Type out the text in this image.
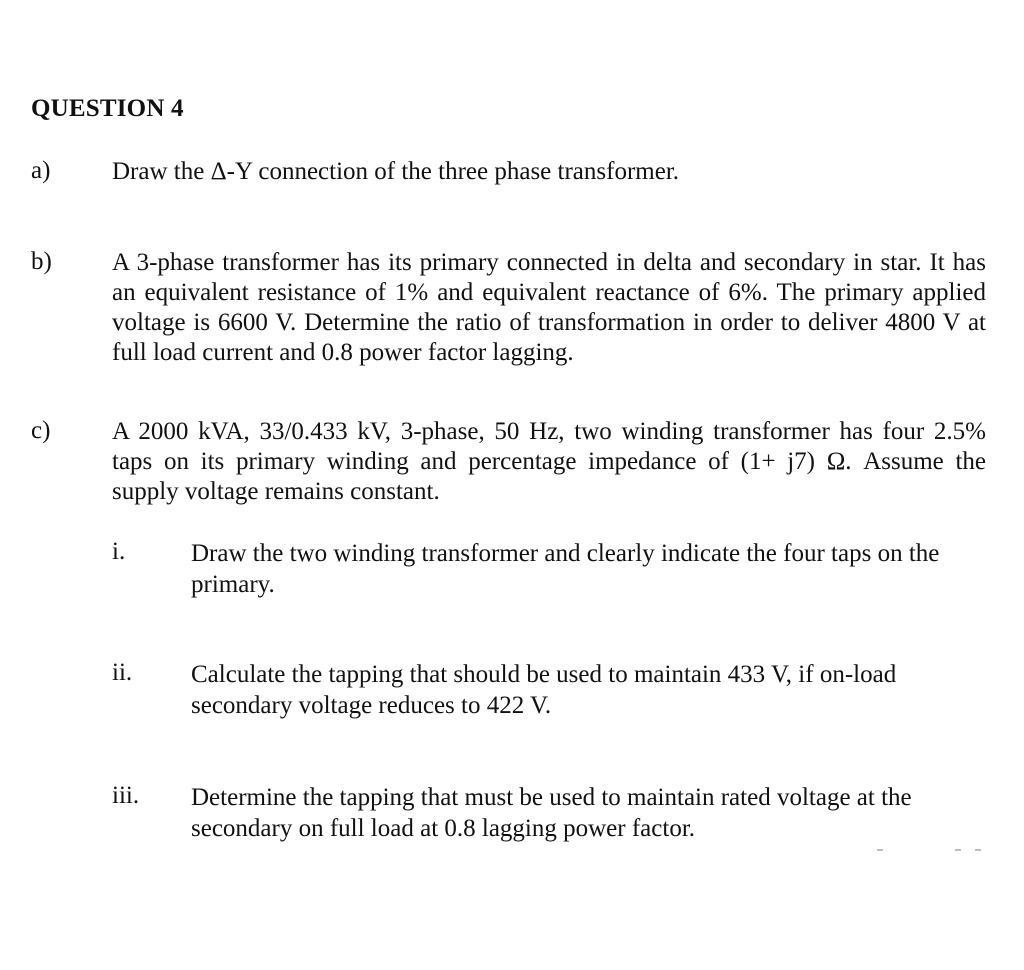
QUESTION 4
a) Draw the Δ-Y connection of the three phase transformer.
b) A 3-phase transformer has its primary connected in delta and secondary in star. It has an equivalent resistance of 1% and equivalent reactance of 6%. The primary applied voltage is 6600 V. Determine the ratio of transformation in order to deliver 4800 V at full load current and 0.8 power factor lagging.
c) A 2000 kVA, 33/0.433 kV, 3-phase, 50 Hz, two winding transformer has four 2.5% taps on its primary winding and percentage impedance of (1+ j7) Ω. Assume the supply voltage remains constant.
i.	Draw the two winding transformer and clearly indicate the four taps on the primary.
ii. Calculate the tapping that should be used to maintain 433 V, if on-load secondary voltage reduces to 422 V.
iii. Determine the tapping that must be used to maintain rated voltage at the secondary on full load at 0.8 lagging power factor.
